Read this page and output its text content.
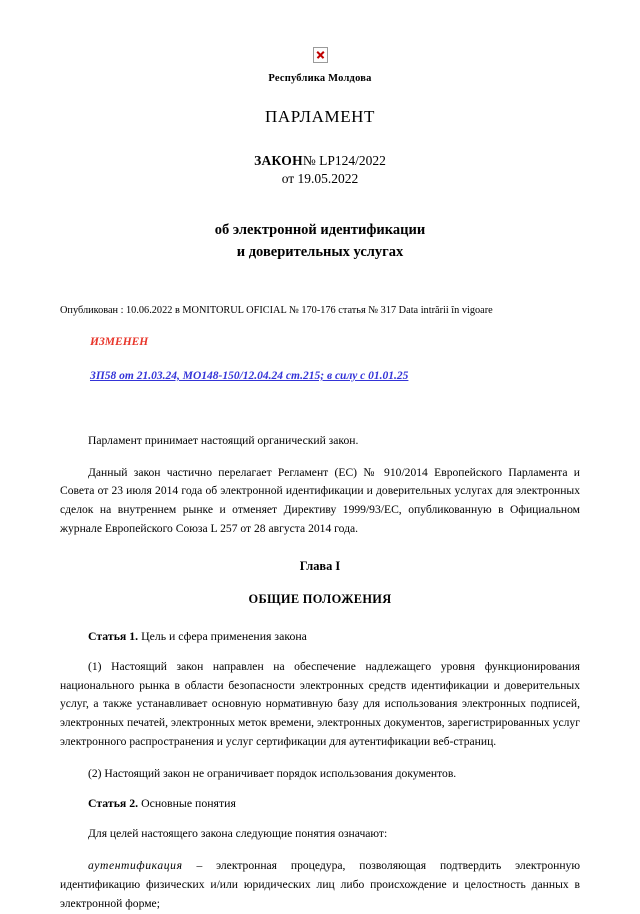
Республика Молдова
ПАРЛАМЕНТ
ЗАКОН№ LP124/2022
от 19.05.2022
об электронной идентификации
и доверительных услугах
Опубликован : 10.06.2022 в MONITORUL OFICIAL № 170-176 статья № 317 Data intrării în vigoare
ИЗМЕНЕН
ЗП58 от 21.03.24, МО148-150/12.04.24 ст.215; в силу с 01.01.25

Парламент принимает настоящий органический закон.

Данный закон частично перелагает Регламент (ЕС) № 910/2014 Европейского Парламента и Совета от 23 июля 2014 года об электронной идентификации и доверительных услугах для электронных сделок на внутреннем рынке и отменяет Директиву 1999/93/EC, опубликованную в Официальном журнале Европейского Союза L 257 от 28 августа 2014 года.

Глава I
ОБЩИЕ ПОЛОЖЕНИЯ
Статья 1. Цель и сфера применения закона

(1) Настоящий закон направлен на обеспечение надлежащего уровня функционирования национального рынка в области безопасности электронных средств идентификации и доверительных услуг, а также устанавливает основную нормативную базу для использования электронных подписей, электронных печатей, электронных меток времени, электронных документов, зарегистрированных услуг электронного распространения и услуг сертификации для аутентификации веб-страниц.

(2) Настоящий закон не ограничивает порядок использования документов.

Статья 2. Основные понятия

Для целей настоящего закона следующие понятия означают:

аутентификация – электронная процедура, позволяющая подтвердить электронную идентификацию физических и/или юридических лиц либо происхождение и целостность данных в электронной форме;
